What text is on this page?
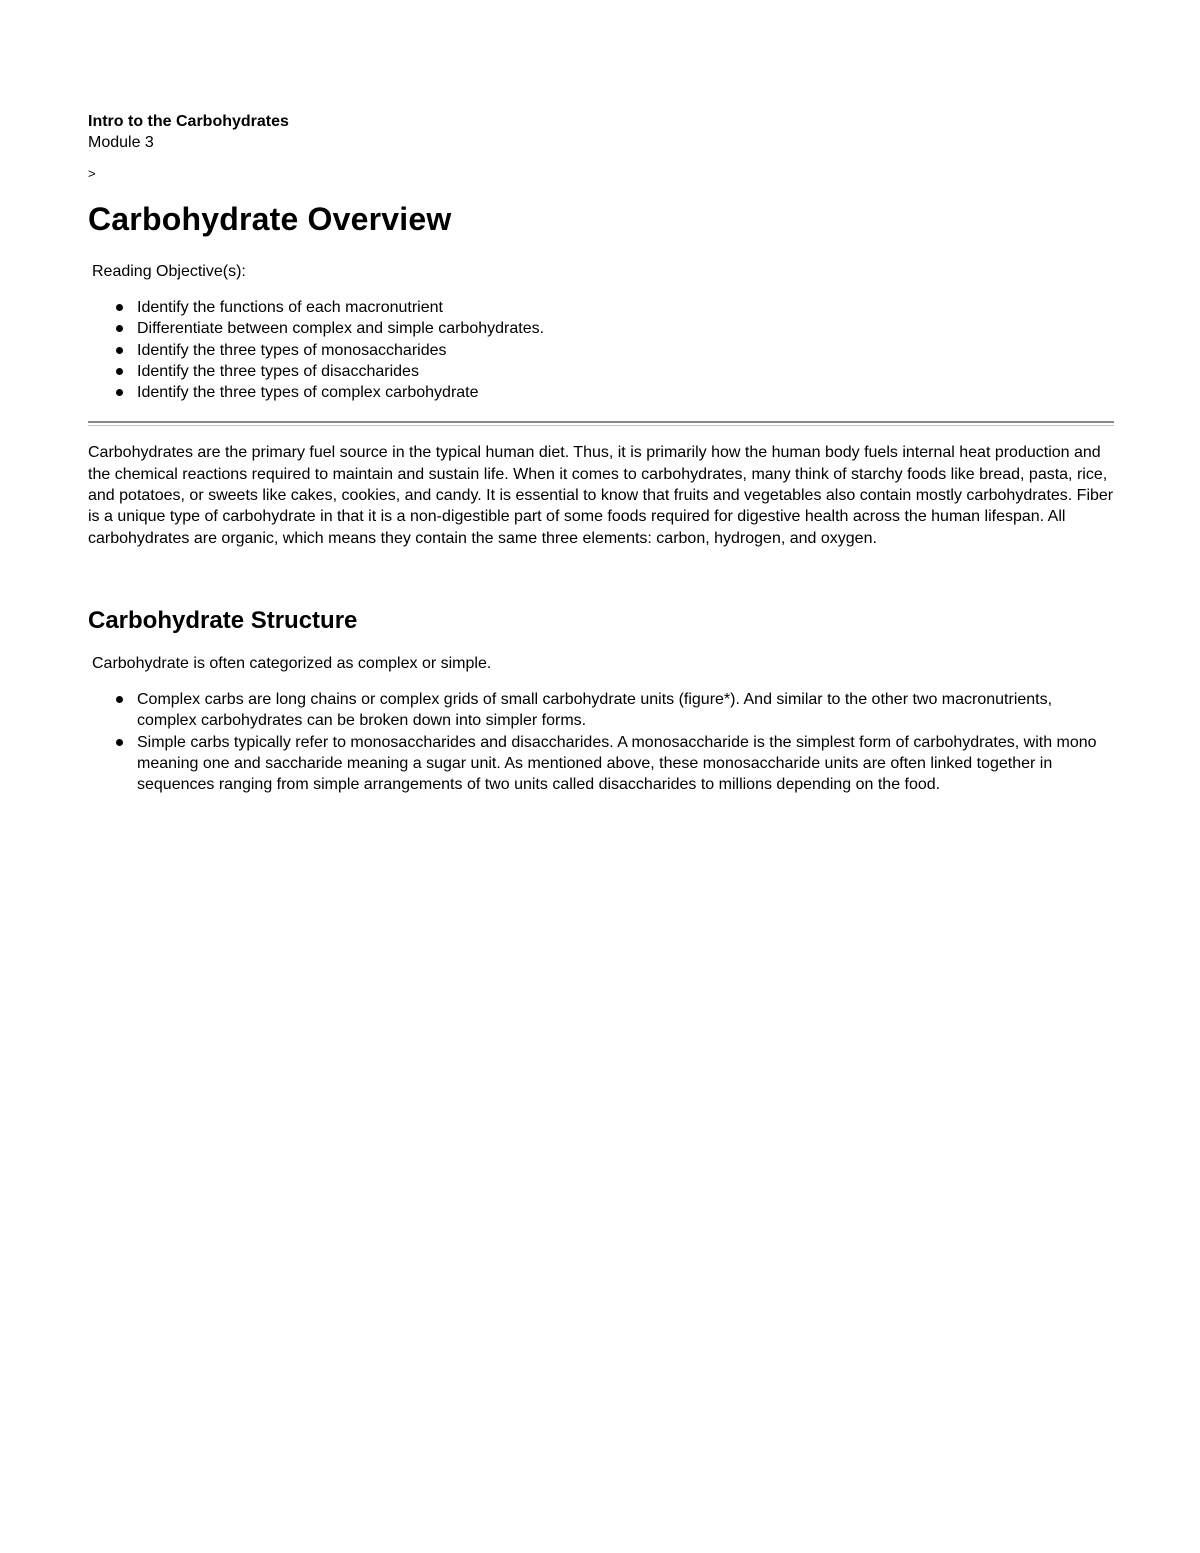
Intro to the Carbohydrates

Module 3

>

Carbohydrate Overview

Reading Objective(s):

Identify the functions of each macronutrient
Differentiate between complex and simple carbohydrates.
Identify the three types of monosaccharides
Identify the three types of disaccharides
Identify the three types of complex carbohydrate

Carbohydrates are the primary fuel source in the typical human diet. Thus, it is primarily how the human body fuels internal heat production and the chemical reactions required to maintain and sustain life. When it comes to carbohydrates, many think of starchy foods like bread, pasta, rice, and potatoes, or sweets like cakes, cookies, and candy. It is essential to know that fruits and vegetables also contain mostly carbohydrates. Fiber is a unique type of carbohydrate in that it is a non-digestible part of some foods required for digestive health across the human lifespan. All carbohydrates are organic, which means they contain the same three elements: carbon, hydrogen, and oxygen.

Carbohydrate Structure

Carbohydrate is often categorized as complex or simple.

Complex carbs are long chains or complex grids of small carbohydrate units (figure*). And similar to the other two macronutrients, complex carbohydrates can be broken down into simpler forms.
Simple carbs typically refer to monosaccharides and disaccharides. A monosaccharide is the simplest form of carbohydrates, with mono meaning one and saccharide meaning a sugar unit. As mentioned above, these monosaccharide units are often linked together in sequences ranging from simple arrangements of two units called disaccharides to millions depending on the food.
